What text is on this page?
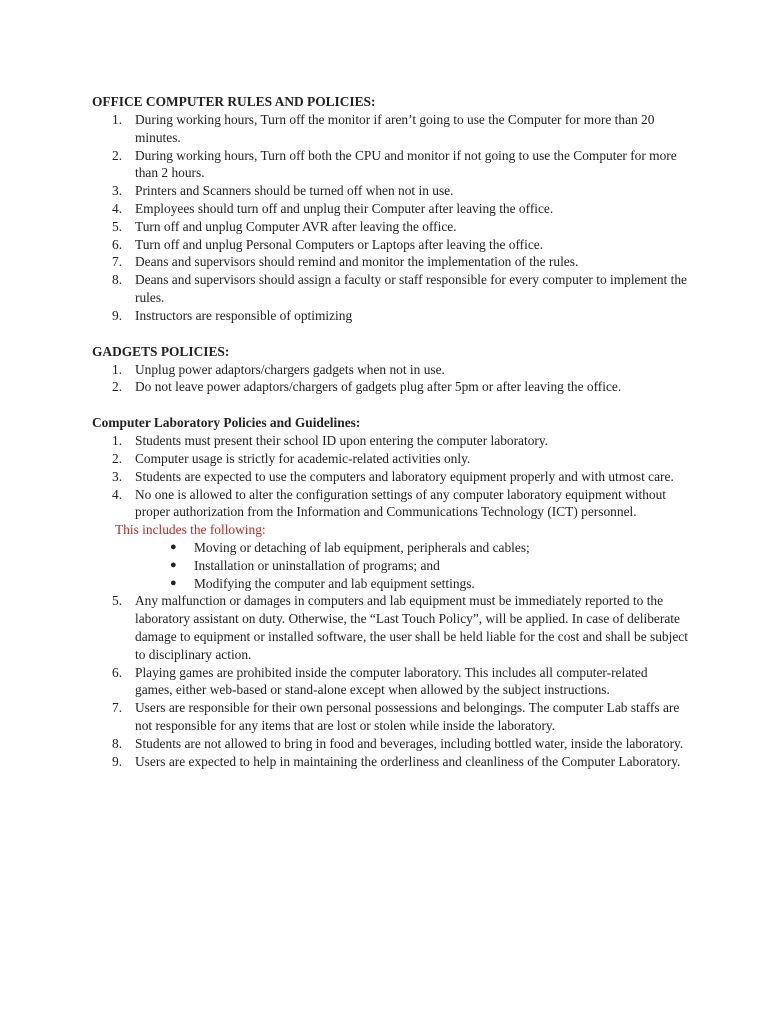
OFFICE COMPUTER RULES AND POLICIES:
1. During working hours, Turn off the monitor if aren’t going to use the Computer for more than 20 minutes.
2. During working hours, Turn off both the CPU and monitor if not going to use the Computer for more than 2 hours.
3. Printers and Scanners should be turned off when not in use.
4. Employees should turn off and unplug their Computer after leaving the office.
5. Turn off and unplug Computer AVR after leaving the office.
6. Turn off and unplug Personal Computers or Laptops after leaving the office.
7. Deans and supervisors should remind and monitor the implementation of the rules.
8. Deans and supervisors should assign a faculty or staff responsible for every computer to implement the rules.
9. Instructors are responsible of optimizing
GADGETS POLICIES:
1. Unplug power adaptors/chargers gadgets when not in use.
2. Do not leave power adaptors/chargers of gadgets plug after 5pm or after leaving the office.
Computer Laboratory Policies and Guidelines:
1. Students must present their school ID upon entering the computer laboratory.
2. Computer usage is strictly for academic-related activities only.
3. Students are expected to use the computers and laboratory equipment properly and with utmost care.
4. No one is allowed to alter the configuration settings of any computer laboratory equipment without proper authorization from the Information and Communications Technology (ICT) personnel.
This includes the following:
● Moving or detaching of lab equipment, peripherals and cables;
● Installation or uninstallation of programs; and
● Modifying the computer and lab equipment settings.
5. Any malfunction or damages in computers and lab equipment must be immediately reported to the laboratory assistant on duty. Otherwise, the “Last Touch Policy”, will be applied. In case of deliberate damage to equipment or installed software, the user shall be held liable for the cost and shall be subject to disciplinary action.
6. Playing games are prohibited inside the computer laboratory. This includes all computer-related games, either web-based or stand-alone except when allowed by the subject instructions.
7. Users are responsible for their own personal possessions and belongings. The computer Lab staffs are not responsible for any items that are lost or stolen while inside the laboratory.
8. Students are not allowed to bring in food and beverages, including bottled water, inside the laboratory.
9. Users are expected to help in maintaining the orderliness and cleanliness of the Computer Laboratory.
